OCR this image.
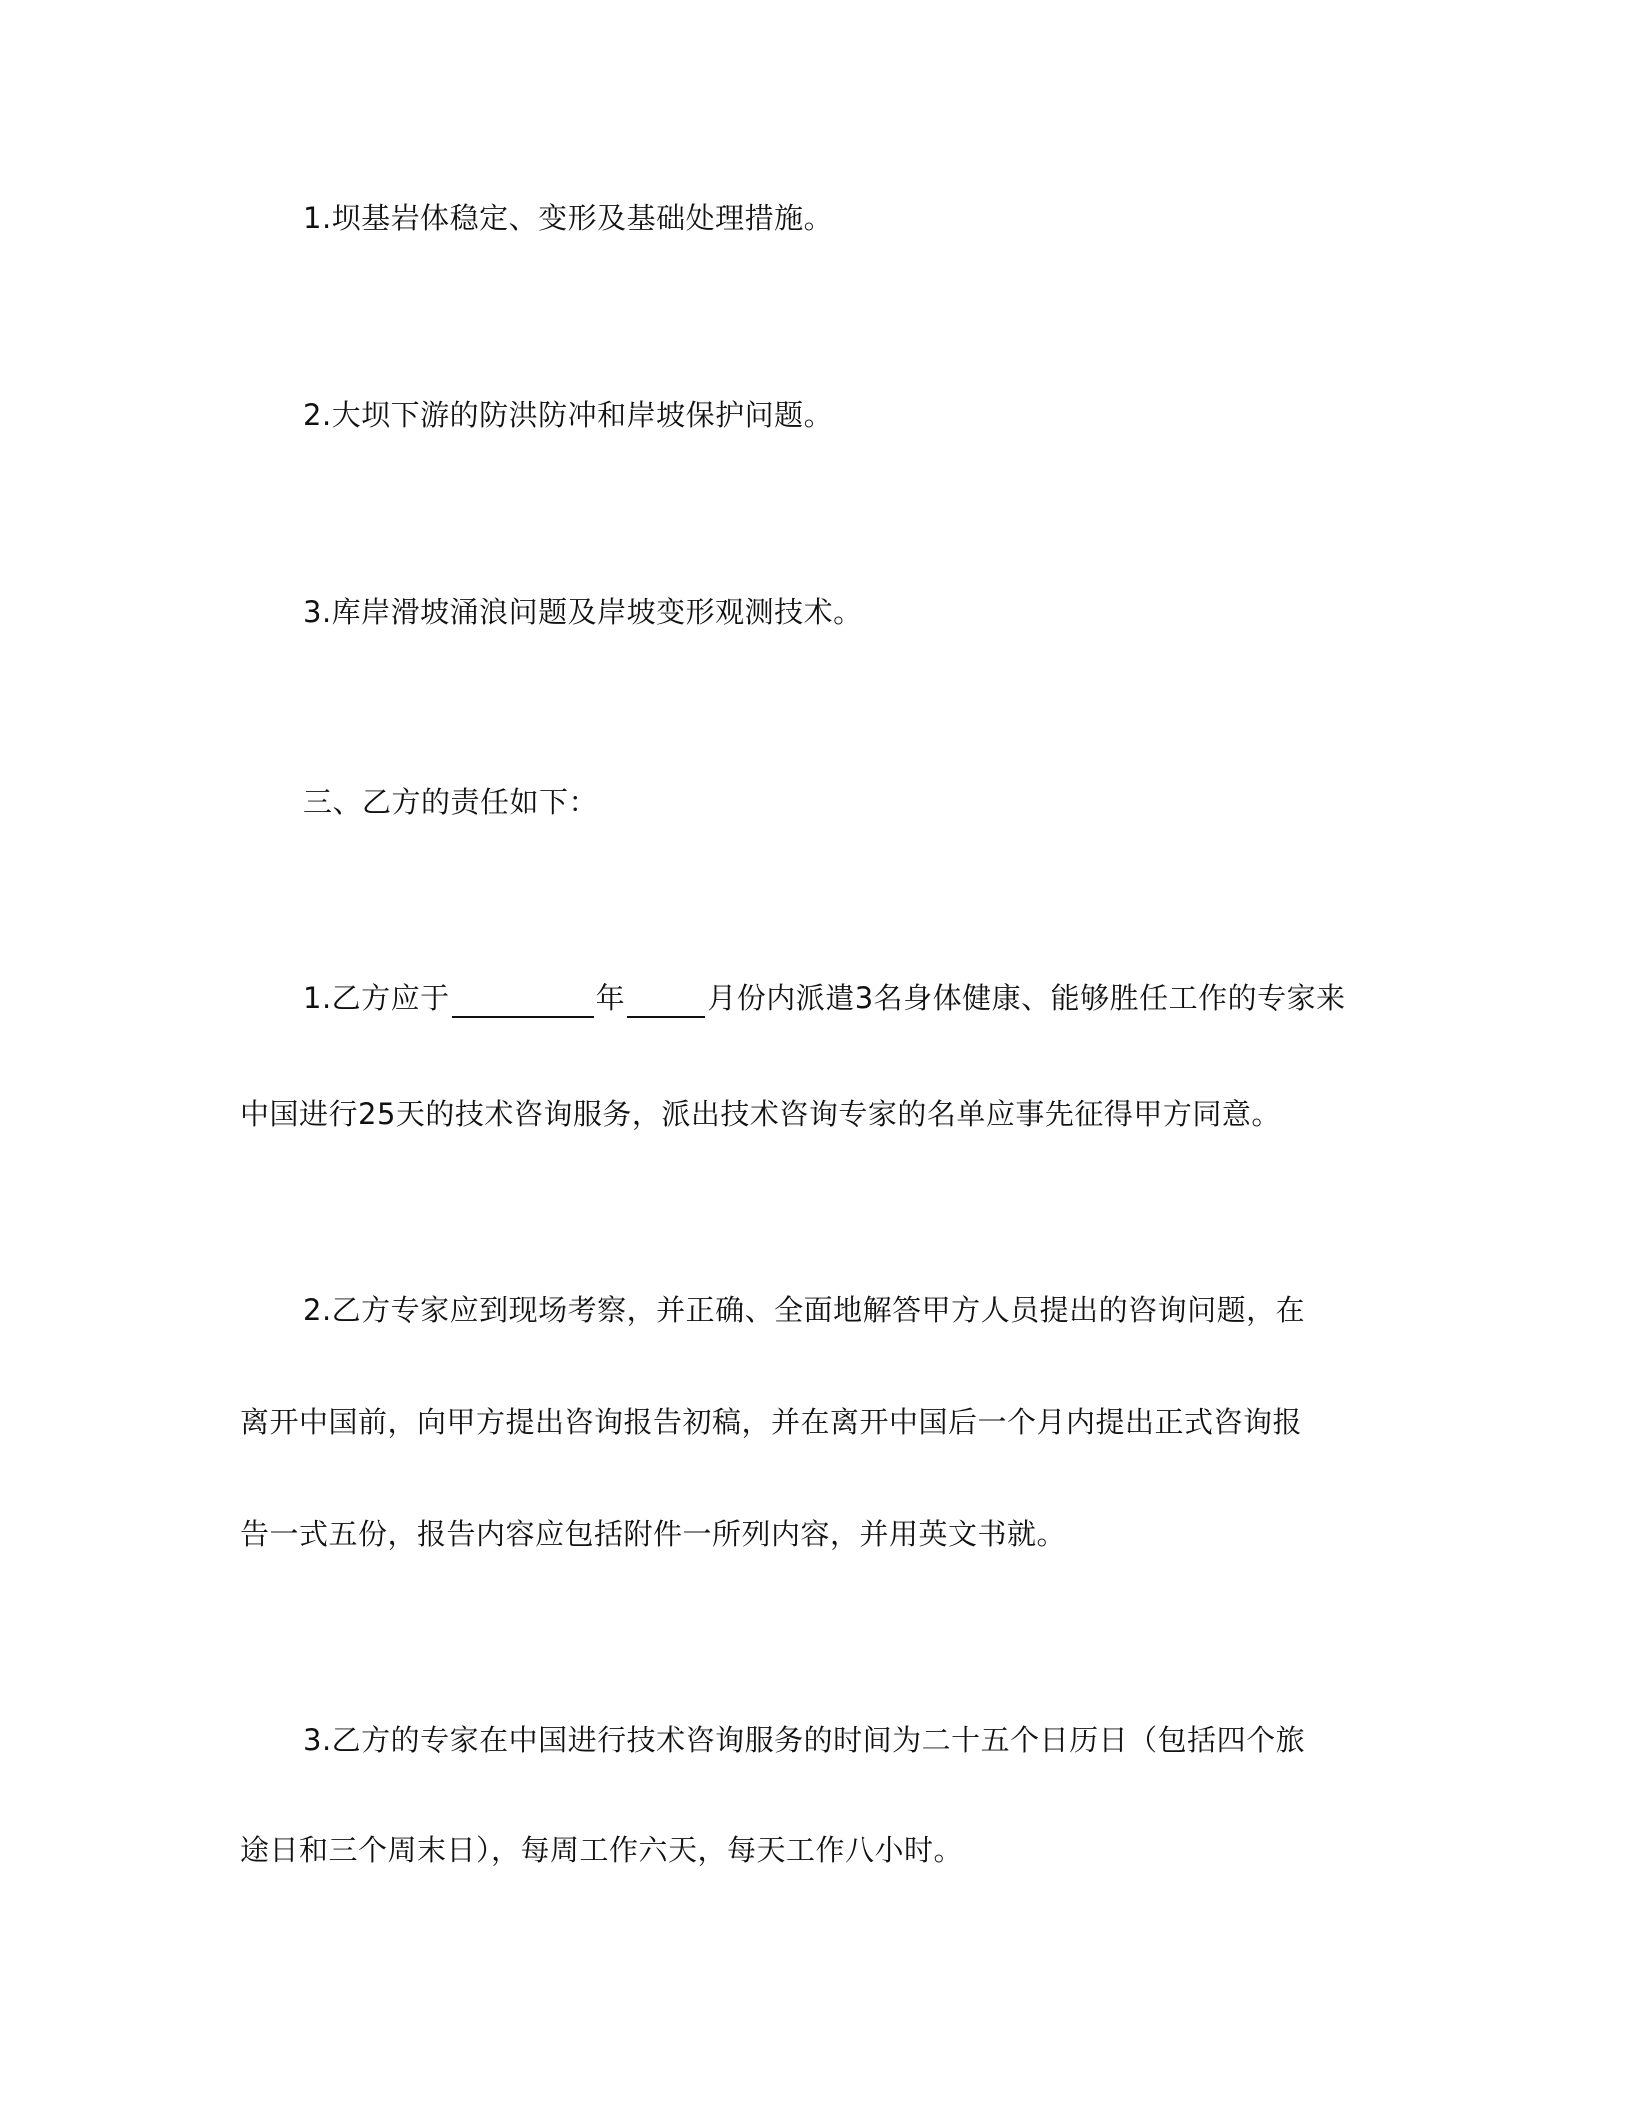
1.坝基岩体稳定、变形及基础处理措施。
2.大坝下游的防洪防冲和岸坡保护问题。
3.库岸滑坡涌浪问题及岸坡变形观测技术。
三、乙方的责任如下：
1.乙方应于	年	月份内派遣3名身体健康、能够胜任工作的专家来
中国进行25天的技术咨询服务，派出技术咨询专家的名单应事先征得甲方同意。
2.乙方专家应到现场考察，并正确、全面地解答甲方人员提出的咨询问题，在
离开中国前，向甲方提出咨询报告初稿，并在离开中国后一个月内提出正式咨询报
告一式五份，报告内容应包括附件一所列内容，并用英文书就。
3.乙方的专家在中国进行技术咨询服务的时间为二十五个日历日（包括四个旅
途日和三个周末日），每周工作六天，每天工作八小时。
